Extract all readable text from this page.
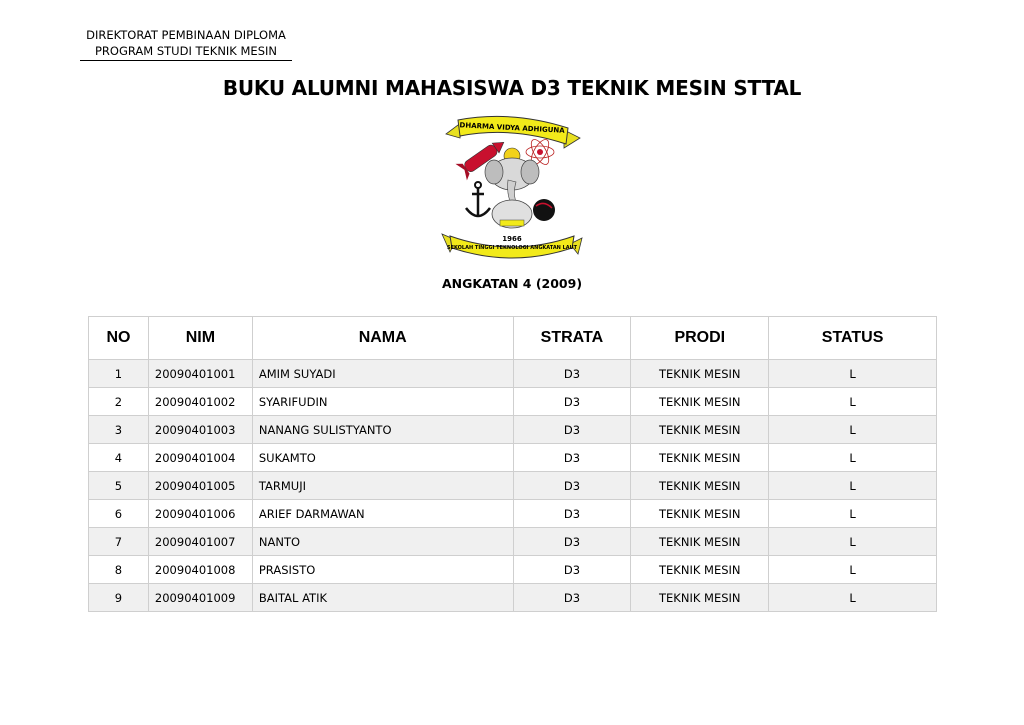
DIREKTORAT PEMBINAAN DIPLOMA
PROGRAM STUDI TEKNIK MESIN
BUKU ALUMNI MAHASISWA D3 TEKNIK MESIN STTAL
DHARMA VIDYA ADHIGUNA
1966
SEKOLAH TINGGI TEKNOLOGI ANGKATAN LAUT
ANGKATAN 4 (2009)
NO	NIM	NAMA	STRATA	PRODI	STATUS
1	20090401001	AMIM SUYADI	D3	TEKNIK MESIN	L
2	20090401002	SYARIFUDIN	D3	TEKNIK MESIN	L
3	20090401003	NANANG SULISTYANTO	D3	TEKNIK MESIN	L
4	20090401004	SUKAMTO	D3	TEKNIK MESIN	L
5	20090401005	TARMUJI	D3	TEKNIK MESIN	L
6	20090401006	ARIEF DARMAWAN	D3	TEKNIK MESIN	L
7	20090401007	NANTO	D3	TEKNIK MESIN	L
8	20090401008	PRASISTO	D3	TEKNIK MESIN	L
9	20090401009	BAITAL ATIK	D3	TEKNIK MESIN	L
